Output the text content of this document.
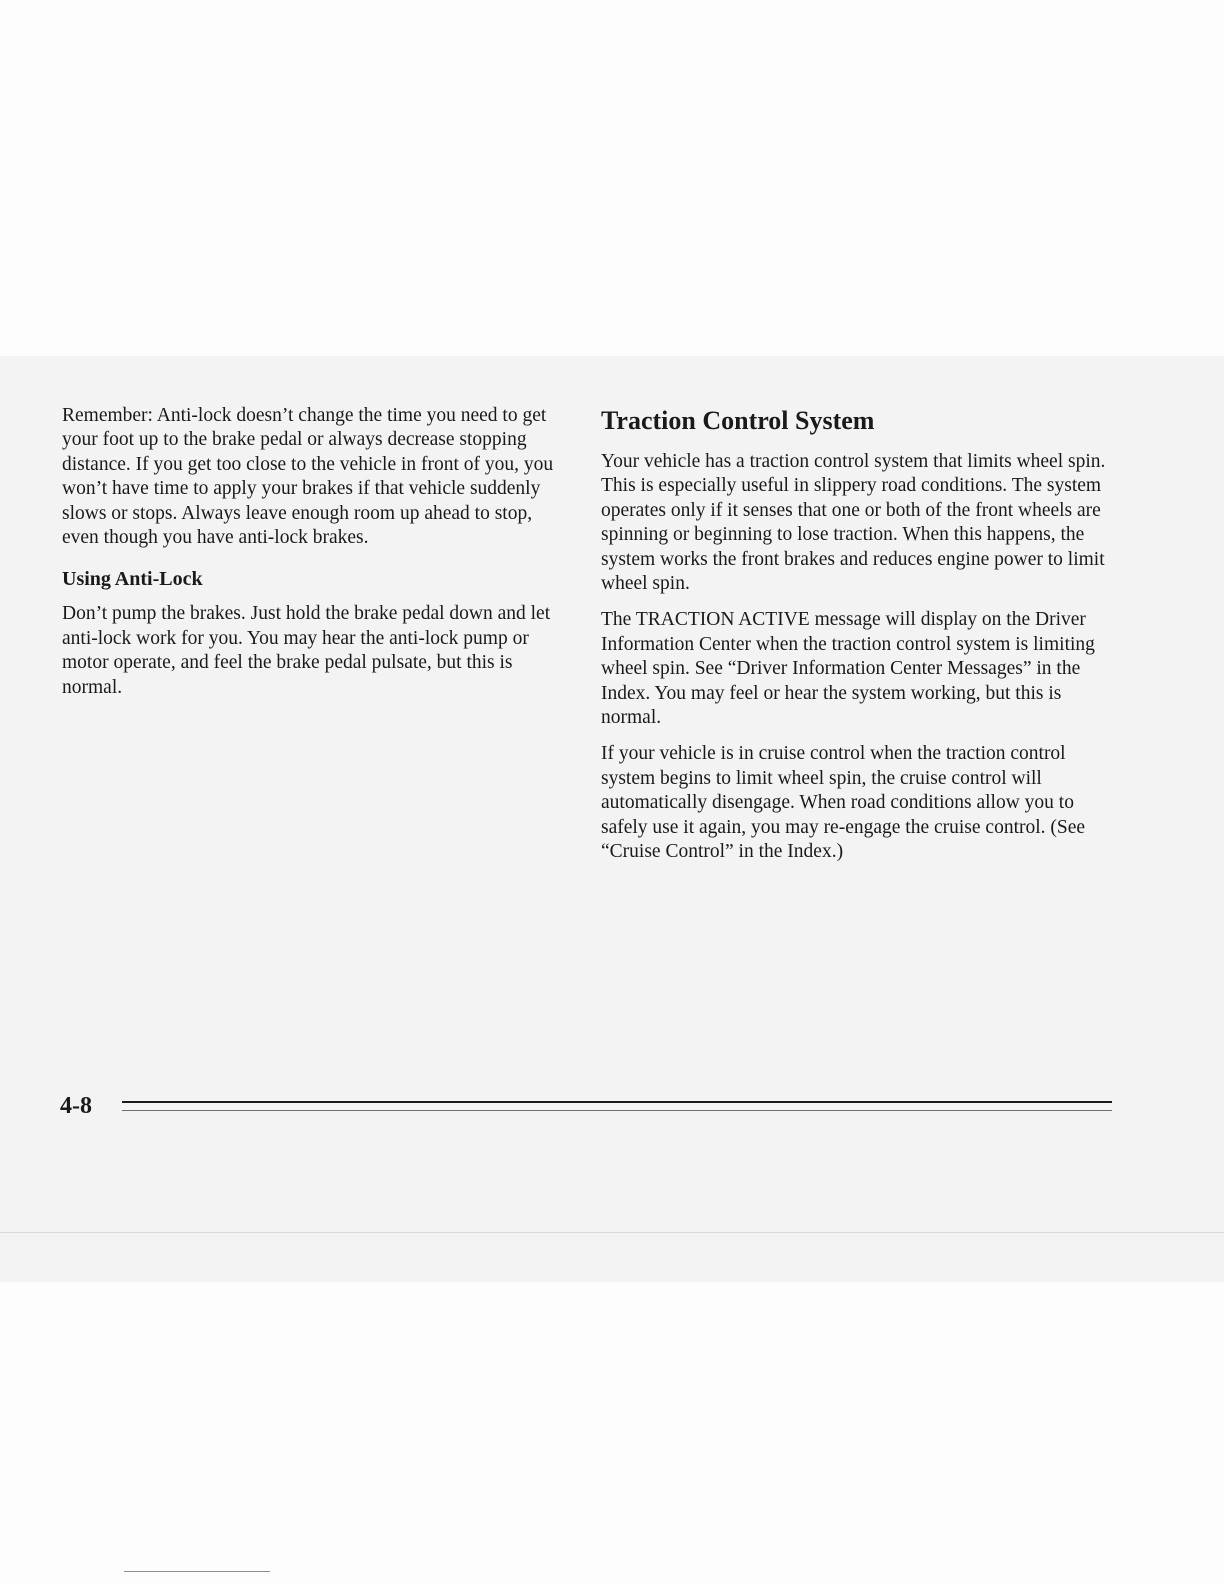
Remember: Anti-lock doesn’t change the time you need to get your foot up to the brake pedal or always decrease stopping distance. If you get too close to the vehicle in front of you, you won’t have time to apply your brakes if that vehicle suddenly slows or stops. Always leave enough room up ahead to stop, even though you have anti-lock brakes.

Using Anti-Lock

Don’t pump the brakes. Just hold the brake pedal down and let anti-lock work for you. You may hear the anti-lock pump or motor operate, and feel the brake pedal pulsate, but this is normal.

Traction Control System

Your vehicle has a traction control system that limits wheel spin. This is especially useful in slippery road conditions. The system operates only if it senses that one or both of the front wheels are spinning or beginning to lose traction. When this happens, the system works the front brakes and reduces engine power to limit wheel spin.

The TRACTION ACTIVE message will display on the Driver Information Center when the traction control system is limiting wheel spin. See “Driver Information Center Messages” in the Index. You may feel or hear the system working, but this is normal.

If your vehicle is in cruise control when the traction control system begins to limit wheel spin, the cruise control will automatically disengage. When road conditions allow you to safely use it again, you may re-engage the cruise control. (See “Cruise Control” in the Index.)

4-8
